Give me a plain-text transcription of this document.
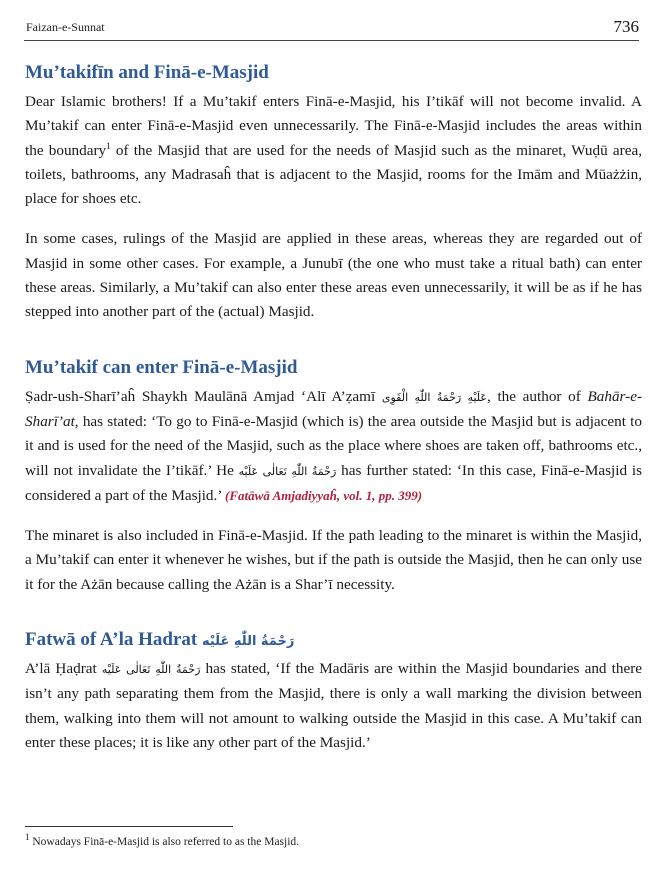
Faizan-e-Sunnat	736
Mu’takifīn and Finā-e-Masjid

Dear Islamic brothers! If a Mu’takif enters Finā-e-Masjid, his I’tikāf will not become invalid. A Mu’takif can enter Finā-e-Masjid even unnecessarily. The Finā-e-Masjid includes the areas within the boundary$^1$ of the Masjid that are used for the needs of Masjid such as the minaret, Wuḍū area, toilets, bathrooms, any Madrasaĥ that is adjacent to the Masjid, rooms for the Imām and Mūażżin, place for shoes etc.

In some cases, rulings of the Masjid are applied in these areas, whereas they are regarded out of Masjid in some other cases. For example, a Junubī (the one who must take a ritual bath) can enter these areas. Similarly, a Mu’takif can also enter these areas even unnecessarily, it will be as if he has stepped into another part of the (actual) Masjid.

Mu’takif can enter Finā-e-Masjid

Ṣadr-ush-Sharī’aĥ Shaykh Maulānā Amjad ‘Alī A’ẓamī عَلَیْهِ رَحْمَةُ اللّٰهِ الْقَوِی, the author of Bahār-e-Sharī’at, has stated: ‘To go to Finā-e-Masjid (which is) the area outside the Masjid but is adjacent to it and is used for the need of the Masjid, such as the place where shoes are taken off, bathrooms etc., will not invalidate the I’tikāf.’ He رَحْمَةُ اللّٰهِ تَعَالٰی عَلَیْه has further stated: ‘In this case, Finā-e-Masjid is considered a part of the Masjid.’ (Fatāwā Amjadiyyaĥ, vol. 1, pp. 399)

The minaret is also included in Finā-e-Masjid. If the path leading to the minaret is within the Masjid, a Mu’takif can enter it whenever he wishes, but if the path is outside the Masjid, then he can only use it for the Ażān because calling the Ażān is a Shar’ī necessity.

Fatwā of A’la Hadrat رَحْمَةُ اللّٰهِ عَلَیْه

A’lā Ḥaḍrat رَحْمَةُ اللّٰهِ تَعَالٰی عَلَیْه has stated, ‘If the Madāris are within the Masjid boundaries and there isn’t any path separating them from the Masjid, there is only a wall marking the division between them, walking into them will not amount to walking outside the Masjid in this case. A Mu’takif can enter these places; it is like any other part of the Masjid.’

$^1$ Nowadays Finā-e-Masjid is also referred to as the Masjid.
